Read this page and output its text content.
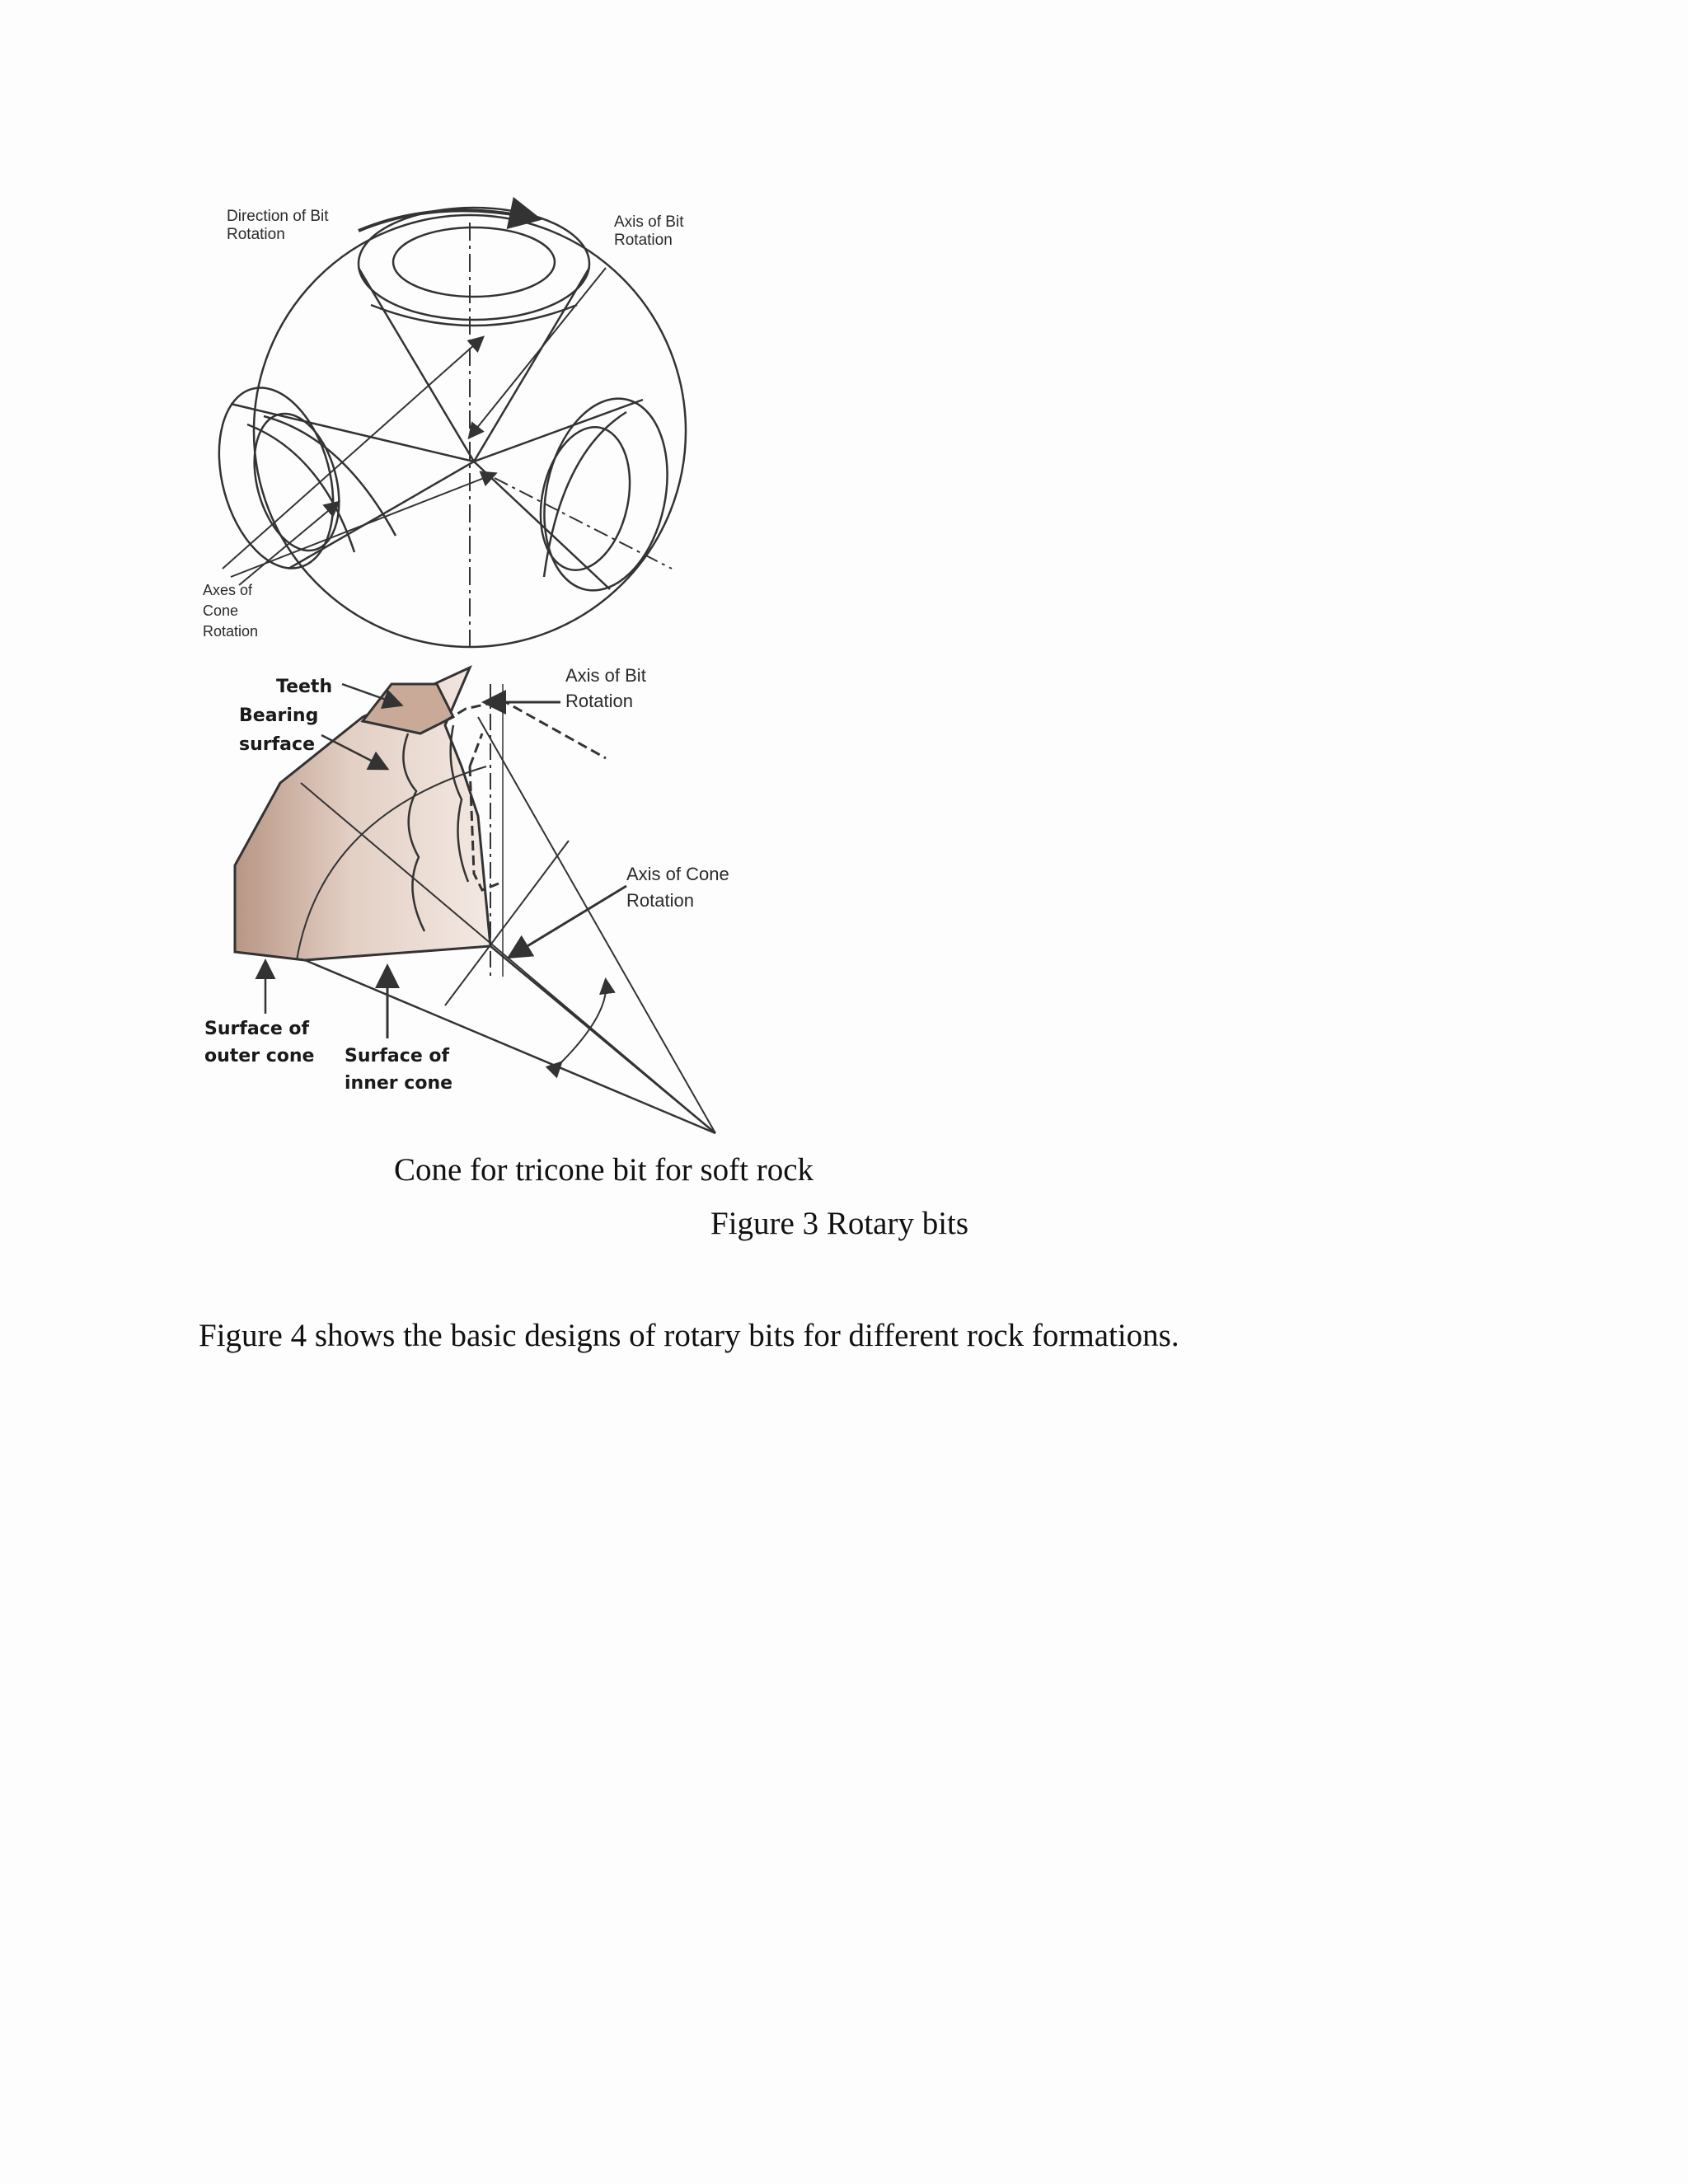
Direction of Bit
Rotation
Axis of Bit
Rotation
Axes of
Cone
Rotation
Teeth
Bearing
surface
Axis of Bit
Rotation
Axis of Cone
Rotation
Surface of
outer cone Surface of
inner cone
Cone for tricone bit for soft rock
Figure 3 Rotary bits
Figure 4 shows the basic designs of rotary bits for different rock formations.
